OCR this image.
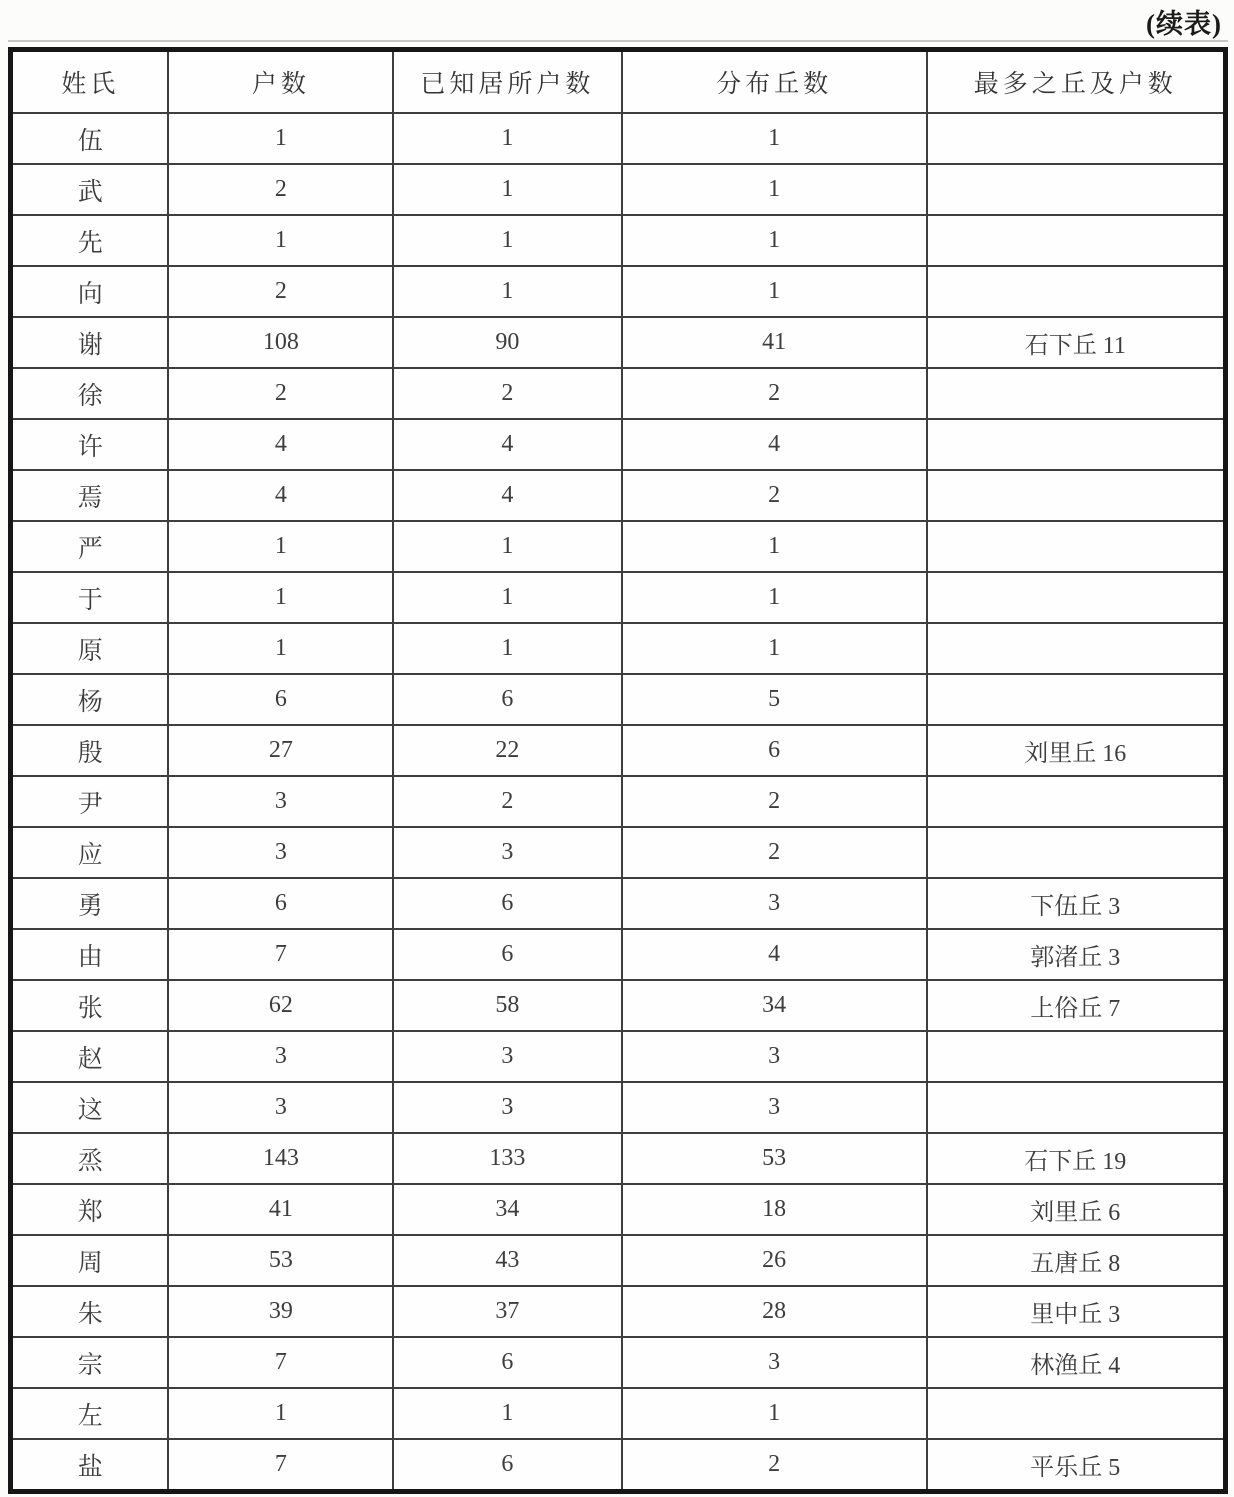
(续表)
姓氏	户数	已知居所户数	分布丘数	最多之丘及户数
伍	1	1	1	
武	2	1	1	
先	1	1	1	
向	2	1	1	
谢	108	90	41	石下丘 11
徐	2	2	2	
许	4	4	4	
焉	4	4	2	
严	1	1	1	
于	1	1	1	
原	1	1	1	
杨	6	6	5	
殷	27	22	6	刘里丘 16
尹	3	2	2	
应	3	3	2	
勇	6	6	3	下伍丘 3
由	7	6	4	郭渚丘 3
张	62	58	34	上俗丘 7
赵	3	3	3	
这	3	3	3	
烝	143	133	53	石下丘 19
郑	41	34	18	刘里丘 6
周	53	43	26	五唐丘 8
朱	39	37	28	里中丘 3
宗	7	6	3	林渔丘 4
左	1	1	1	
盐	7	6	2	平乐丘 5
